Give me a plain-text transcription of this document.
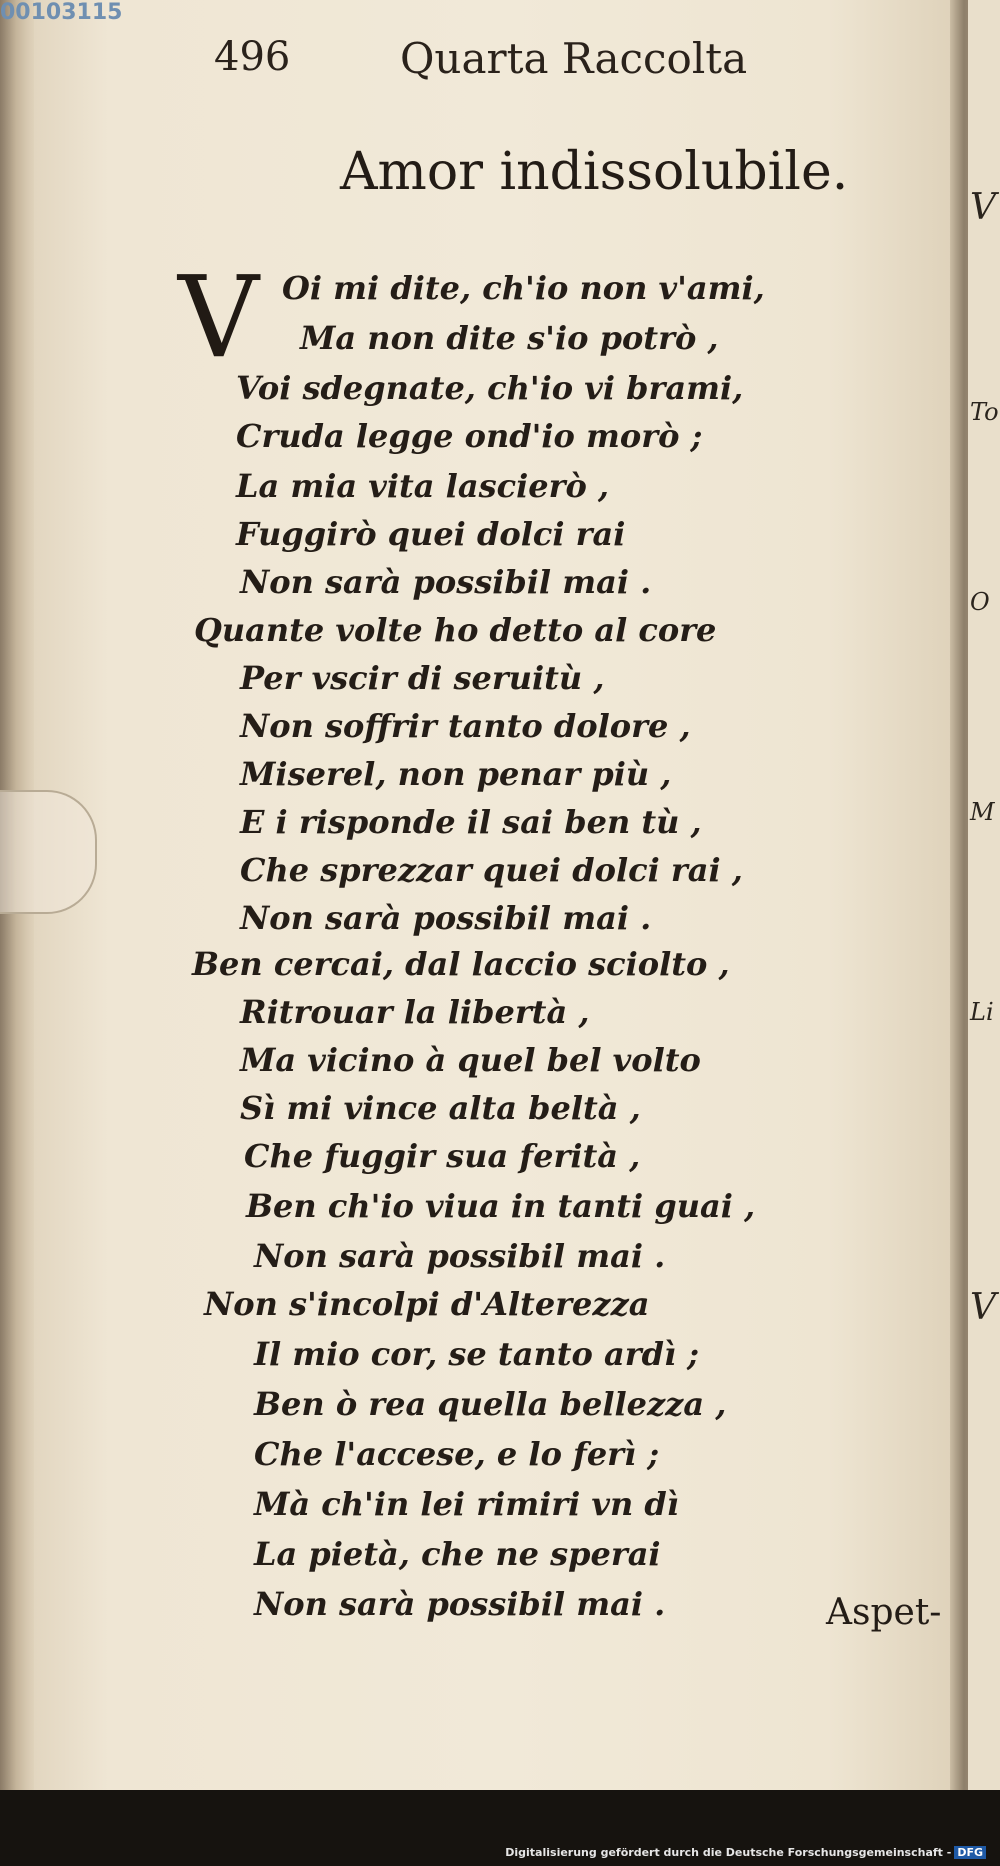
V
To
O
M
Li
V
00103115
496	Quarta Raccolta
Amor indissolubile.
V Oi mi dite, ch'io non v'ami,
Ma non dite s'io potrò ,
Voi sdegnate, ch'io vi brami,
Cruda legge ond'io morò ;
La mia vita lascierò ,
Fuggirò quei dolci rai
Non sarà possibil mai .
Quante volte ho detto al core
Per vscir di seruitù ,
Non soffrir tanto dolore ,
Miserel, non penar più ,
E i risponde il sai ben tù ,
Che sprezzar quei dolci rai ,
Non sarà possibil mai .
Ben cercai, dal laccio sciolto ,
Ritrouar la libertà ,
Ma vicino à quel bel volto
Sì mi vince alta beltà ,
Che fuggir sua ferità ,
Ben ch'io viua in tanti guai ,
Non sarà possibil mai .
Non s'incolpi d'Alterezza
Il mio cor, se tanto ardì ;
Ben ò rea quella bellezza ,
Che l'accese, e lo ferì ;
Mà ch'in lei rimiri vn dì
La pietà, che ne sperai
Non sarà possibil mai .	Aspet-
Digitalisierung gefördert durch die Deutsche Forschungsgemeinschaft - DFG
